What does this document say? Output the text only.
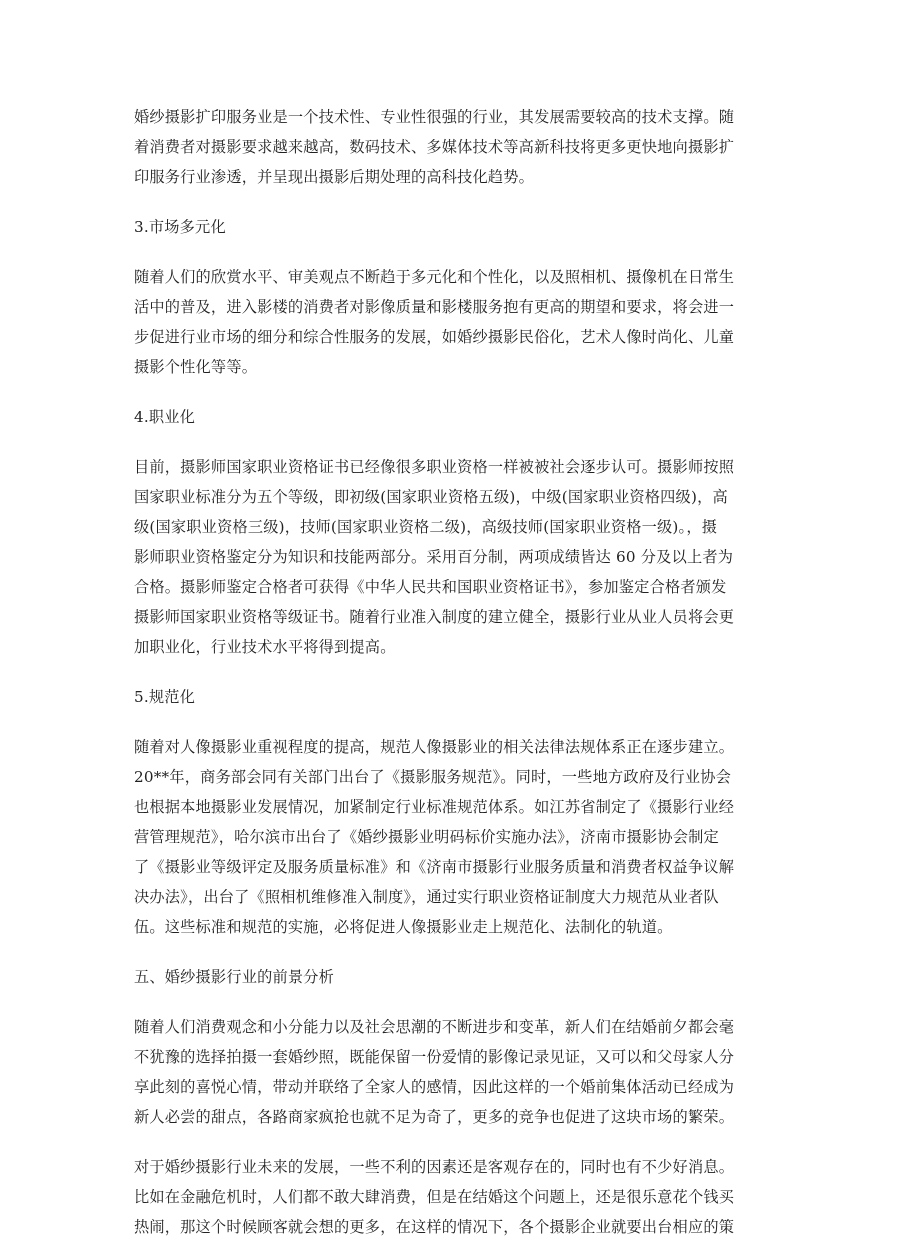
婚纱摄影扩印服务业是一个技术性、专业性很强的行业，其发展需要较高的技术支撑。随
着消费者对摄影要求越来越高，数码技术、多媒体技术等高新科技将更多更快地向摄影扩
印服务行业渗透，并呈现出摄影后期处理的高科技化趋势。
3.市场多元化
随着人们的欣赏水平、审美观点不断趋于多元化和个性化，以及照相机、摄像机在日常生
活中的普及，进入影楼的消费者对影像质量和影楼服务抱有更高的期望和要求，将会进一
步促进行业市场的细分和综合性服务的发展，如婚纱摄影民俗化，艺术人像时尚化、儿童
摄影个性化等等。
4.职业化
目前，摄影师国家职业资格证书已经像很多职业资格一样被被社会逐步认可。摄影师按照
国家职业标准分为五个等级，即初级(国家职业资格五级)，中级(国家职业资格四级)，高
级(国家职业资格三级)，技师(国家职业资格二级)，高级技师(国家职业资格一级)。，摄
影师职业资格鉴定分为知识和技能两部分。采用百分制，两项成绩皆达 60 分及以上者为
合格。摄影师鉴定合格者可获得《中华人民共和国职业资格证书》，参加鉴定合格者颁发
摄影师国家职业资格等级证书。随着行业准入制度的建立健全，摄影行业从业人员将会更
加职业化，行业技术水平将得到提高。
5.规范化
随着对人像摄影业重视程度的提高，规范人像摄影业的相关法律法规体系正在逐步建立。
20**年，商务部会同有关部门出台了《摄影服务规范》。同时，一些地方政府及行业协会
也根据本地摄影业发展情况，加紧制定行业标准规范体系。如江苏省制定了《摄影行业经
营管理规范》，哈尔滨市出台了《婚纱摄影业明码标价实施办法》，济南市摄影协会制定
了《摄影业等级评定及服务质量标准》和《济南市摄影行业服务质量和消费者权益争议解
决办法》，出台了《照相机维修准入制度》，通过实行职业资格证制度大力规范从业者队
伍。这些标准和规范的实施，必将促进人像摄影业走上规范化、法制化的轨道。
五、婚纱摄影行业的前景分析
随着人们消费观念和小分能力以及社会思潮的不断进步和变革，新人们在结婚前夕都会毫
不犹豫的选择拍摄一套婚纱照，既能保留一份爱情的影像记录见证，又可以和父母家人分
享此刻的喜悦心情，带动并联络了全家人的感情，因此这样的一个婚前集体活动已经成为
新人必尝的甜点，各路商家疯抢也就不足为奇了，更多的竞争也促进了这块市场的繁荣。
对于婚纱摄影行业未来的发展，一些不利的因素还是客观存在的，同时也有不少好消息。
比如在金融危机时，人们都不敢大肆消费，但是在结婚这个问题上，还是很乐意花个钱买
热闹，那这个时候顾客就会想的更多，在这样的情况下，各个摄影企业就要出台相应的策
